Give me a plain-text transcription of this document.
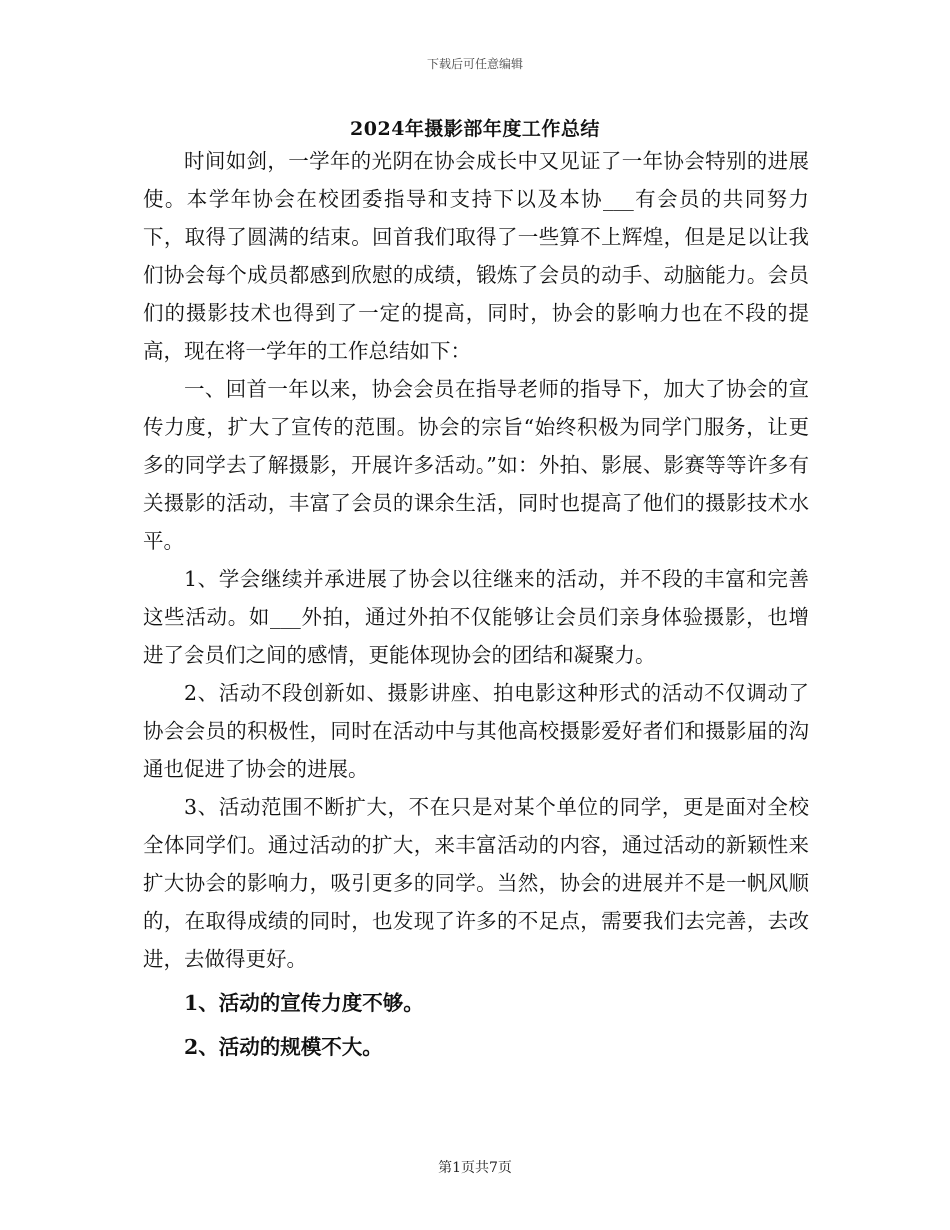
下载后可任意编辑
2024年摄影部年度工作总结

时间如剑，一学年的光阴在协会成长中又见证了一年协会特别的进展使。本学年协会在校团委指导和支持下以及本协___有会员的共同努力下，取得了圆满的结束。回首我们取得了一些算不上辉煌，但是足以让我们协会每个成员都感到欣慰的成绩，锻炼了会员的动手、动脑能力。会员们的摄影技术也得到了一定的提高，同时，协会的影响力也在不段的提高，现在将一学年的工作总结如下：

一、回首一年以来，协会会员在指导老师的指导下，加大了协会的宣传力度，扩大了宣传的范围。协会的宗旨“始终积极为同学门服务，让更多的同学去了解摄影，开展许多活动。”如：外拍、影展、影赛等等许多有关摄影的活动，丰富了会员的课余生活，同时也提高了他们的摄影技术水平。

1、学会继续并承进展了协会以往继来的活动，并不段的丰富和完善这些活动。如___外拍，通过外拍不仅能够让会员们亲身体验摄影，也增进了会员们之间的感情，更能体现协会的团结和凝聚力。

2、活动不段创新如、摄影讲座、拍电影这种形式的活动不仅调动了协会会员的积极性，同时在活动中与其他高校摄影爱好者们和摄影届的沟通也促进了协会的进展。

3、活动范围不断扩大，不在只是对某个单位的同学，更是面对全校全体同学们。通过活动的扩大，来丰富活动的内容，通过活动的新颖性来扩大协会的影响力，吸引更多的同学。当然，协会的进展并不是一帆风顺的，在取得成绩的同时，也发现了许多的不足点，需要我们去完善，去改进，去做得更好。

1、活动的宣传力度不够。

2、活动的规模不大。

第1页共7页
